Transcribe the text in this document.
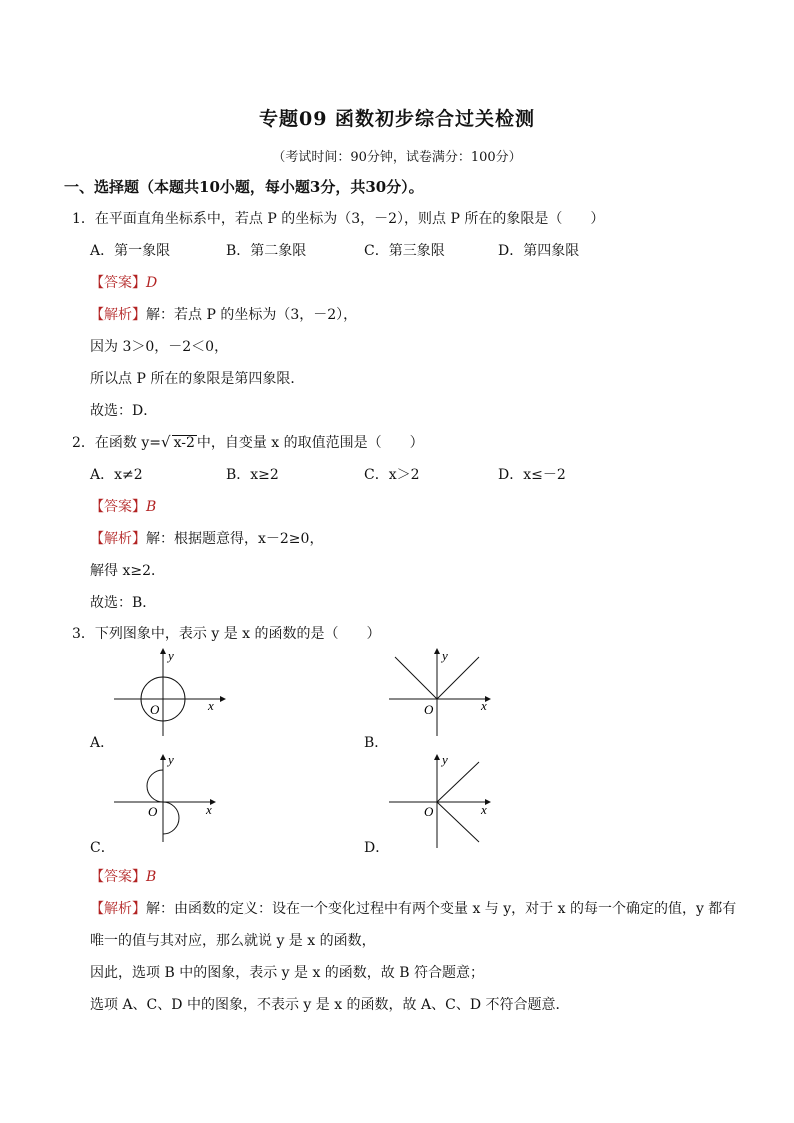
专题09 函数初步综合过关检测
（考试时间：90分钟，试卷满分：100分）
一、选择题（本题共10小题，每小题3分，共30分）。
1．在平面直角坐标系中，若点 P 的坐标为（3，－2），则点 P 所在的象限是（　　）
A．第一象限	B．第二象限	C．第三象限	D．第四象限
【答案】D
【解析】解：若点 P 的坐标为（3，－2），
因为 3＞0，－2＜0，
所以点 P 所在的象限是第四象限．
故选：D．
2．在函数 y=√ x-2 中，自变量 x 的取值范围是（　　）
A．x≠2	B．x≥2	C．x＞2	D．x≤－2
【答案】B
【解析】解：根据题意得，x－2≥0，
解得 x≥2．
故选：B．
3．下列图象中，表示 y 是 x 的函数的是（　　）
O	x
y
A．
O	x
y
B．
O	x
y
C．
O	x
y
D．
【答案】B
【解析】解：由函数的定义：设在一个变化过程中有两个变量 x 与 y，对于 x 的每一个确定的值，y 都有
唯一的值与其对应，那么就说 y 是 x 的函数，
因此，选项 B 中的图象，表示 y 是 x 的函数，故 B 符合题意；
选项 A、C、D 中的图象，不表示 y 是 x 的函数，故 A、C、D 不符合题意．
